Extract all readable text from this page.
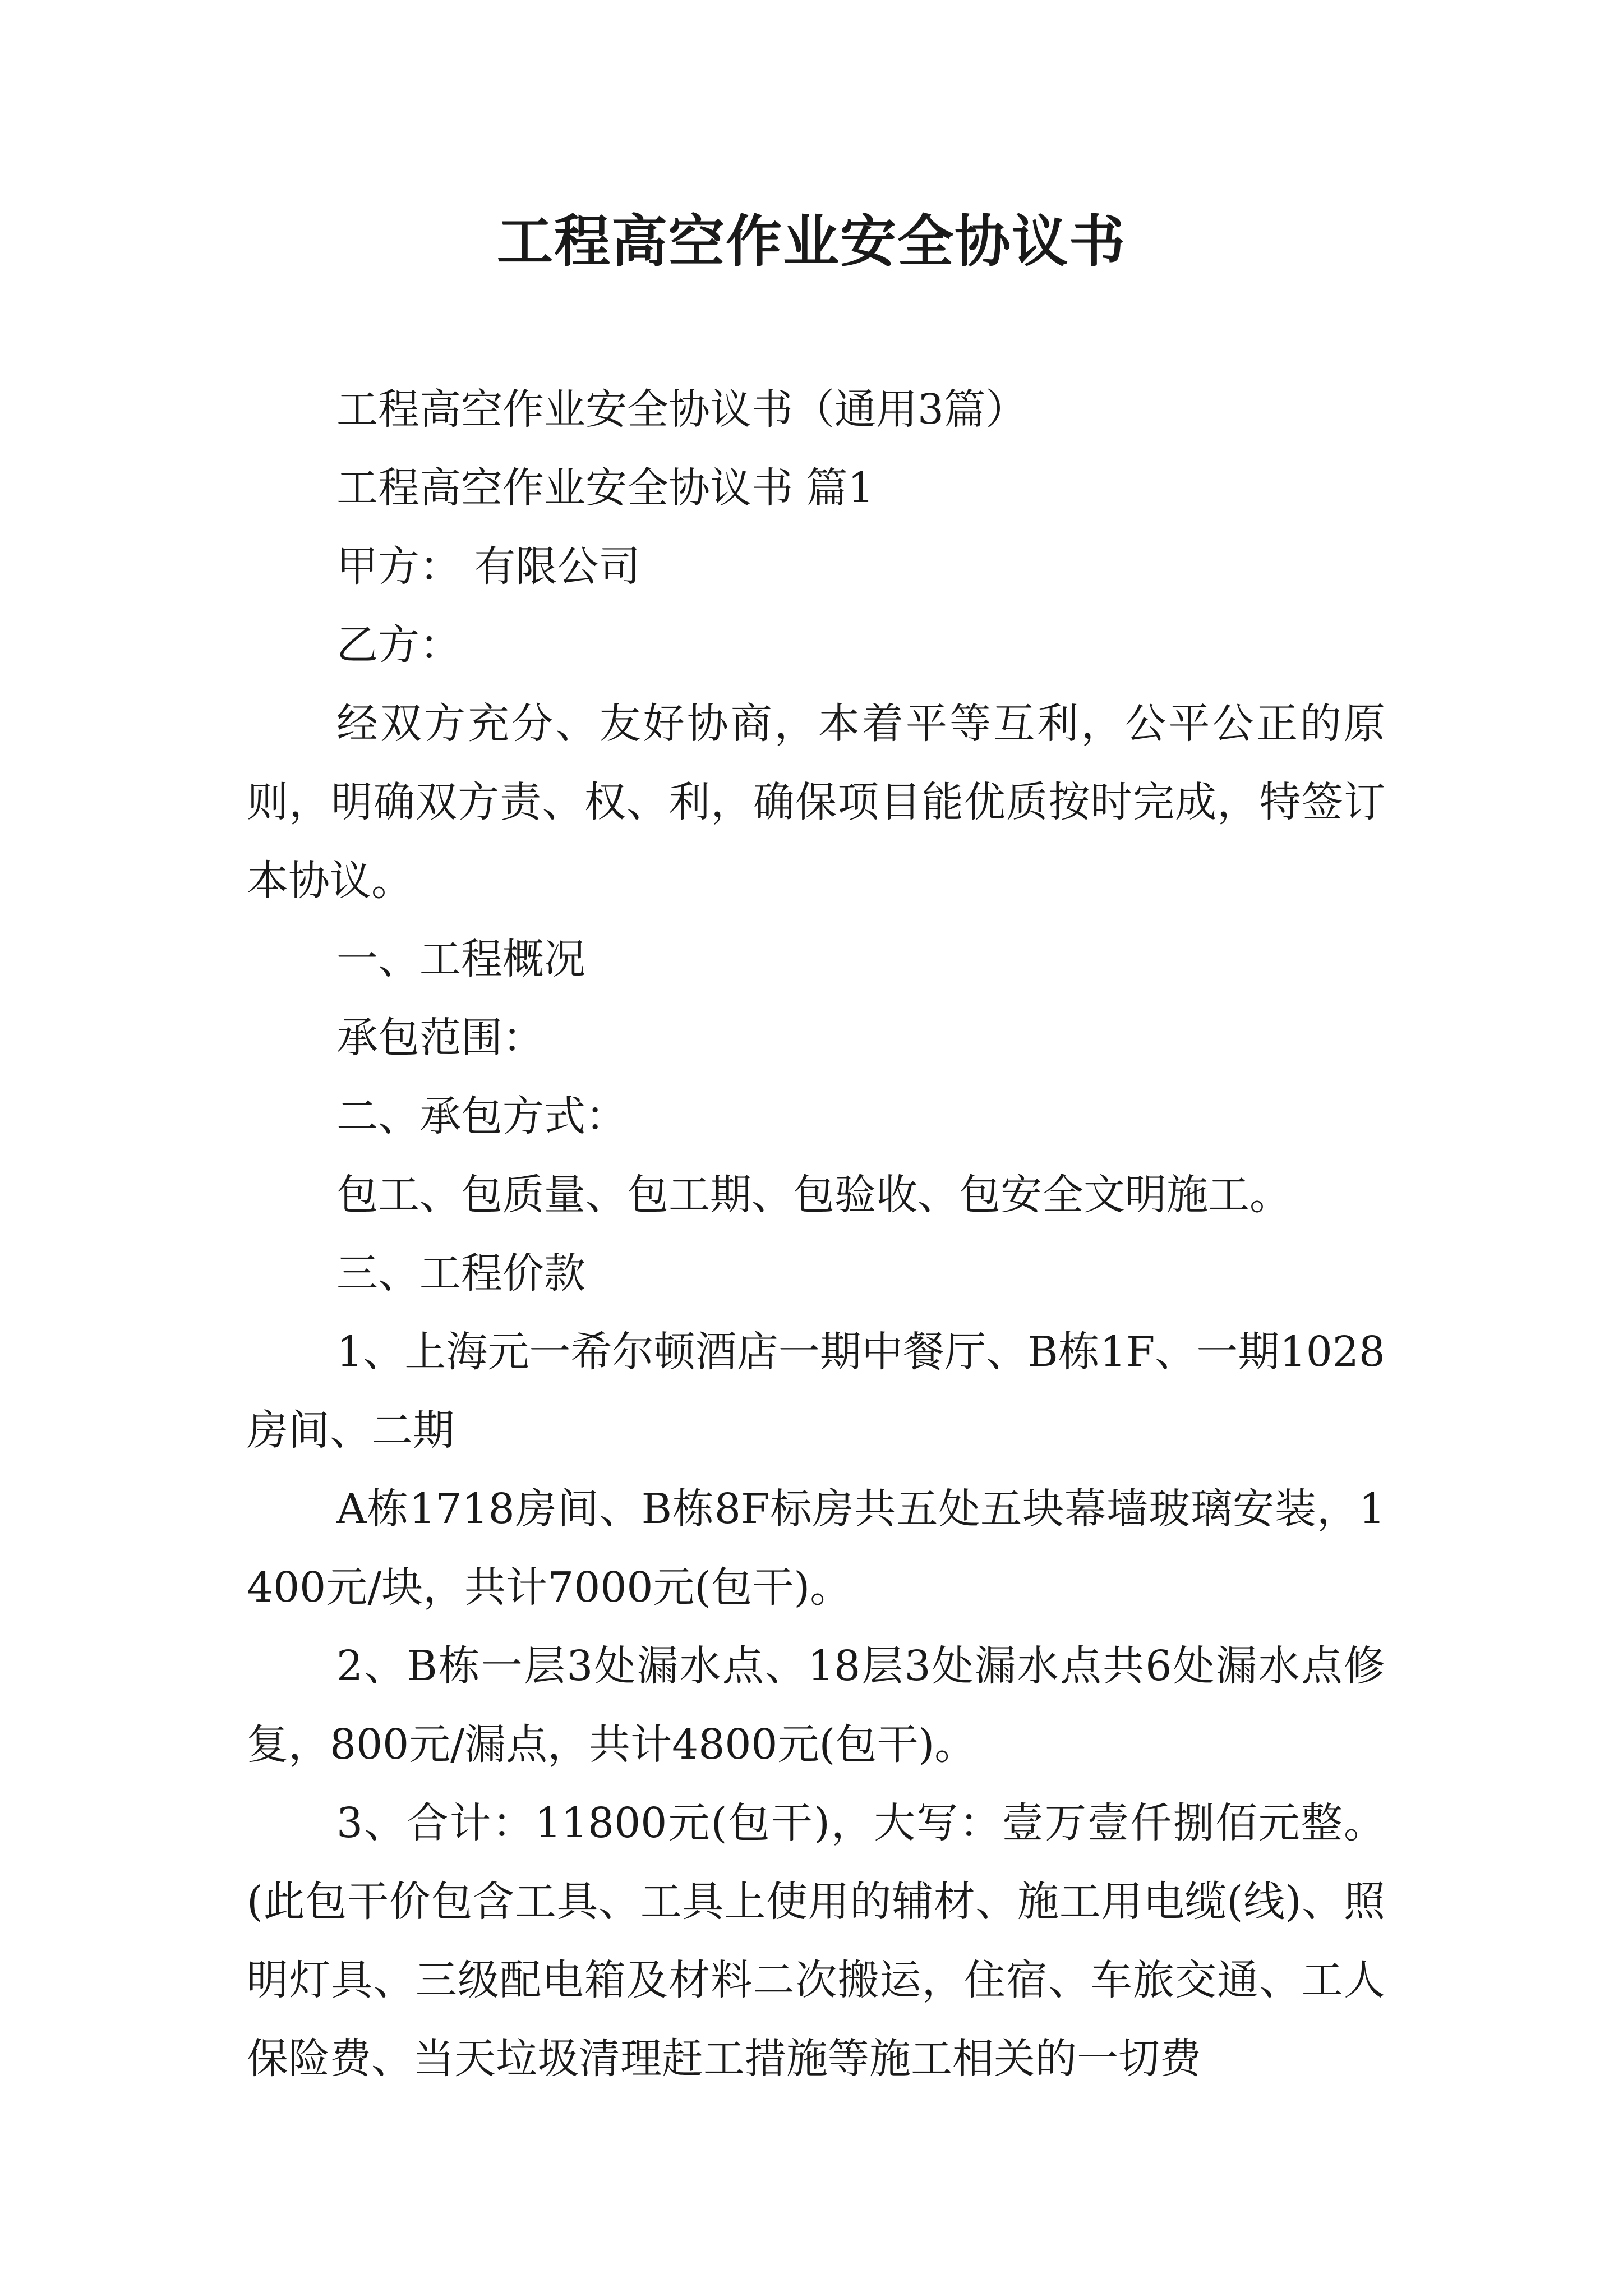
工程高空作业安全协议书

工程高空作业安全协议书（通用3篇）

工程高空作业安全协议书 篇1

甲方： 有限公司

乙方：

经双方充分、友好协商，本着平等互利，公平公正的原则，明确双方责、权、利，确保项目能优质按时完成，特签订本协议。

一、工程概况

承包范围：

二、承包方式：

包工、包质量、包工期、包验收、包安全文明施工。

三、工程价款

1、上海元一希尔顿酒店一期中餐厅、B栋1F、一期1028房间、二期

A栋1718房间、B栋8F标房共五处五块幕墙玻璃安装，1400元/块，共计7000元(包干)。

2、B栋一层3处漏水点、18层3处漏水点共6处漏水点修复，800元/漏点，共计4800元(包干)。

3、合计：11800元(包干)，大写：壹万壹仟捌佰元整。(此包干价包含工具、工具上使用的辅材、施工用电缆(线)、照明灯具、三级配电箱及材料二次搬运，住宿、车旅交通、工人保险费、当天垃圾清理赶工措施等施工相关的一切费
